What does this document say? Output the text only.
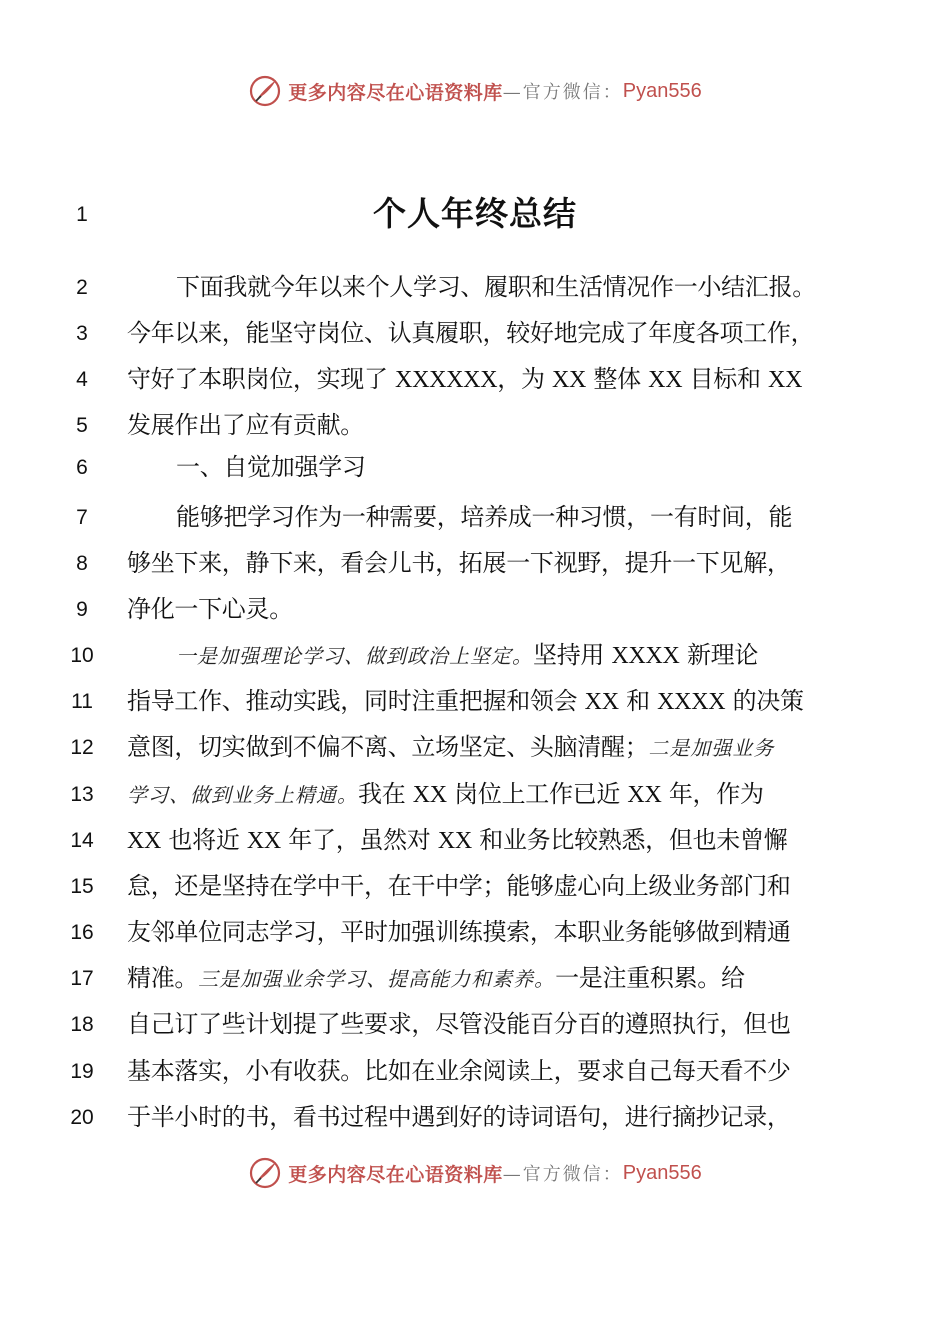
更多内容尽在心语资料库 —官方微信： Pyan556
个人年终总结
1
2
3
4
5
6
7
8
9
10
11
12
13
14
15
16
17
18
19
20
下面我就今年以来个人学习、履职和生活情况作一小结汇报。
今年以来，能坚守岗位、认真履职，较好地完成了年度各项工作，
守好了本职岗位，实现了 XXXXXX，为 XX 整体 XX 目标和 XX
发展作出了应有贡献。
一、自觉加强学习
能够把学习作为一种需要，培养成一种习惯，一有时间，能
够坐下来，静下来，看会儿书，拓展一下视野，提升一下见解，
净化一下心灵。
一是加强理论学习、做到政治上坚定。坚持用 XXXX 新理论
指导工作、推动实践，同时注重把握和领会 XX 和 XXXX 的决策
意图，切实做到不偏不离、立场坚定、头脑清醒；二是加强业务
学习、做到业务上精通。我在 XX 岗位上工作已近 XX 年，作为
XX 也将近 XX 年了，虽然对 XX 和业务比较熟悉，但也未曾懈
怠，还是坚持在学中干，在干中学；能够虚心向上级业务部门和
友邻单位同志学习，平时加强训练摸索，本职业务能够做到精通
精准。三是加强业余学习、提高能力和素养。一是注重积累。给
自己订了些计划提了些要求，尽管没能百分百的遵照执行，但也
基本落实，小有收获。比如在业余阅读上，要求自己每天看不少
于半小时的书，看书过程中遇到好的诗词语句，进行摘抄记录，
更多内容尽在心语资料库 —官方微信： Pyan556
